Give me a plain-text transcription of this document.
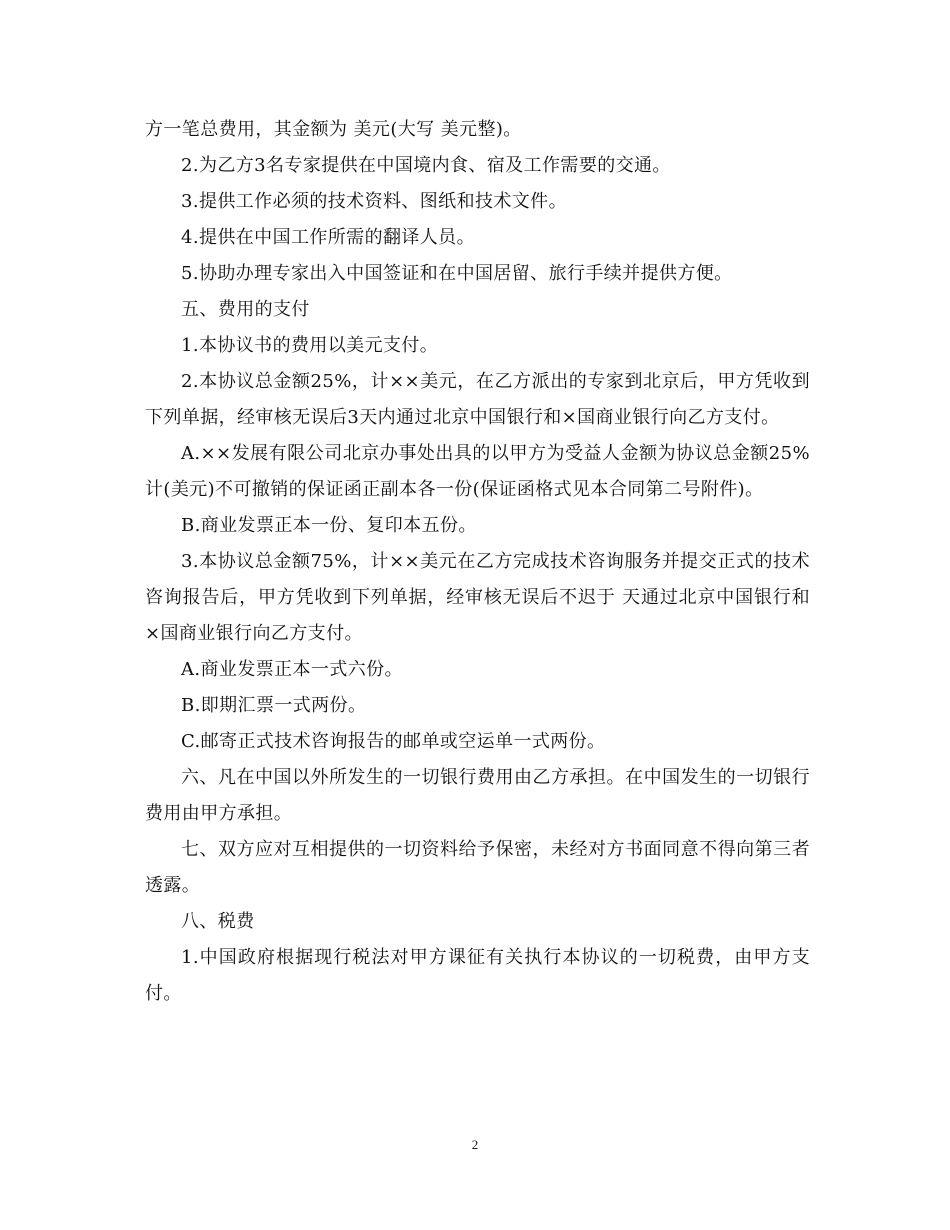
方一笔总费用，其金额为 美元(大写 美元整)。

2.为乙方3名专家提供在中国境内食、宿及工作需要的交通。

3.提供工作必须的技术资料、图纸和技术文件。

4.提供在中国工作所需的翻译人员。

5.协助办理专家出入中国签证和在中国居留、旅行手续并提供方便。

五、费用的支付

1.本协议书的费用以美元支付。

2.本协议总金额25%，计××美元，在乙方派出的专家到北京后，甲方凭收到下列单据，经审核无误后3天内通过北京中国银行和×国商业银行向乙方支付。

A.××发展有限公司北京办事处出具的以甲方为受益人金额为协议总金额25%计(美元)不可撤销的保证函正副本各一份(保证函格式见本合同第二号附件)。

B.商业发票正本一份、复印本五份。

3.本协议总金额75%，计××美元在乙方完成技术咨询服务并提交正式的技术咨询报告后，甲方凭收到下列单据，经审核无误后不迟于 天通过北京中国银行和×国商业银行向乙方支付。

A.商业发票正本一式六份。

B.即期汇票一式两份。

C.邮寄正式技术咨询报告的邮单或空运单一式两份。

六、凡在中国以外所发生的一切银行费用由乙方承担。在中国发生的一切银行费用由甲方承担。

七、双方应对互相提供的一切资料给予保密，未经对方书面同意不得向第三者透露。

八、税费

1.中国政府根据现行税法对甲方课征有关执行本协议的一切税费，由甲方支付。

2
